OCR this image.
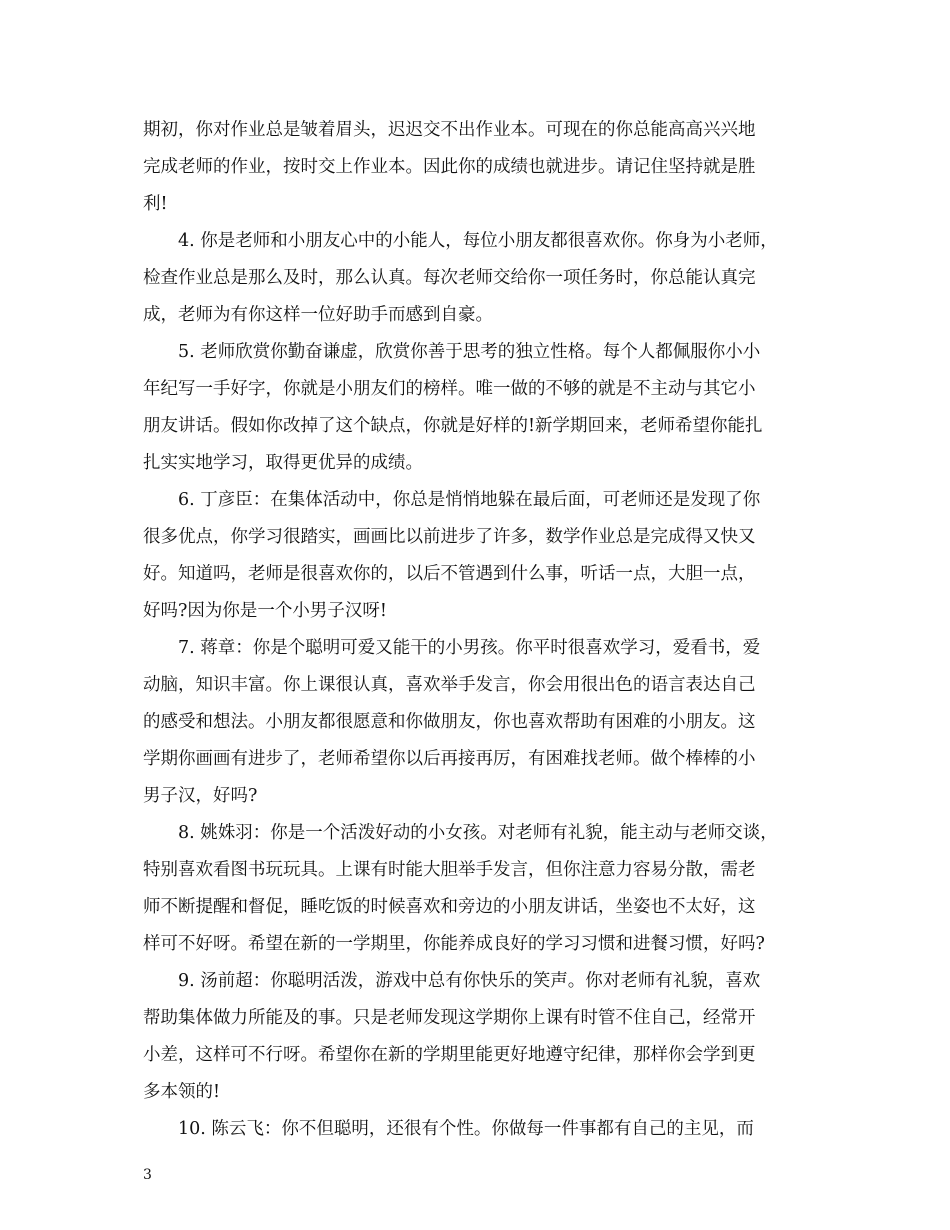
期初，你对作业总是皱着眉头，迟迟交不出作业本。可现在的你总能高高兴兴地
完成老师的作业，按时交上作业本。因此你的成绩也就进步。请记住坚持就是胜
利!
4. 你是老师和小朋友心中的小能人，每位小朋友都很喜欢你。你身为小老师，
检查作业总是那么及时，那么认真。每次老师交给你一项任务时，你总能认真完
成，老师为有你这样一位好助手而感到自豪。
5. 老师欣赏你勤奋谦虚，欣赏你善于思考的独立性格。每个人都佩服你小小
年纪写一手好字，你就是小朋友们的榜样。唯一做的不够的就是不主动与其它小
朋友讲话。假如你改掉了这个缺点，你就是好样的!新学期回来，老师希望你能扎
扎实实地学习，取得更优异的成绩。
6. 丁彦臣：在集体活动中，你总是悄悄地躲在最后面，可老师还是发现了你
很多优点，你学习很踏实，画画比以前进步了许多，数学作业总是完成得又快又
好。知道吗，老师是很喜欢你的，以后不管遇到什么事，听话一点，大胆一点，
好吗?因为你是一个小男子汉呀!
7. 蒋章：你是个聪明可爱又能干的小男孩。你平时很喜欢学习，爱看书，爱
动脑，知识丰富。你上课很认真，喜欢举手发言，你会用很出色的语言表达自己
的感受和想法。小朋友都很愿意和你做朋友，你也喜欢帮助有困难的小朋友。这
学期你画画有进步了，老师希望你以后再接再厉，有困难找老师。做个棒棒的小
男子汉，好吗?
8. 姚姝羽：你是一个活泼好动的小女孩。对老师有礼貌，能主动与老师交谈，
特别喜欢看图书玩玩具。上课有时能大胆举手发言，但你注意力容易分散，需老
师不断提醒和督促，睡吃饭的时候喜欢和旁边的小朋友讲话，坐姿也不太好，这
样可不好呀。希望在新的一学期里，你能养成良好的学习习惯和进餐习惯，好吗?
9. 汤前超：你聪明活泼，游戏中总有你快乐的笑声。你对老师有礼貌，喜欢
帮助集体做力所能及的事。只是老师发现这学期你上课有时管不住自己，经常开
小差，这样可不行呀。希望你在新的学期里能更好地遵守纪律，那样你会学到更
多本领的!
10. 陈云飞：你不但聪明，还很有个性。你做每一件事都有自己的主见，而
3
